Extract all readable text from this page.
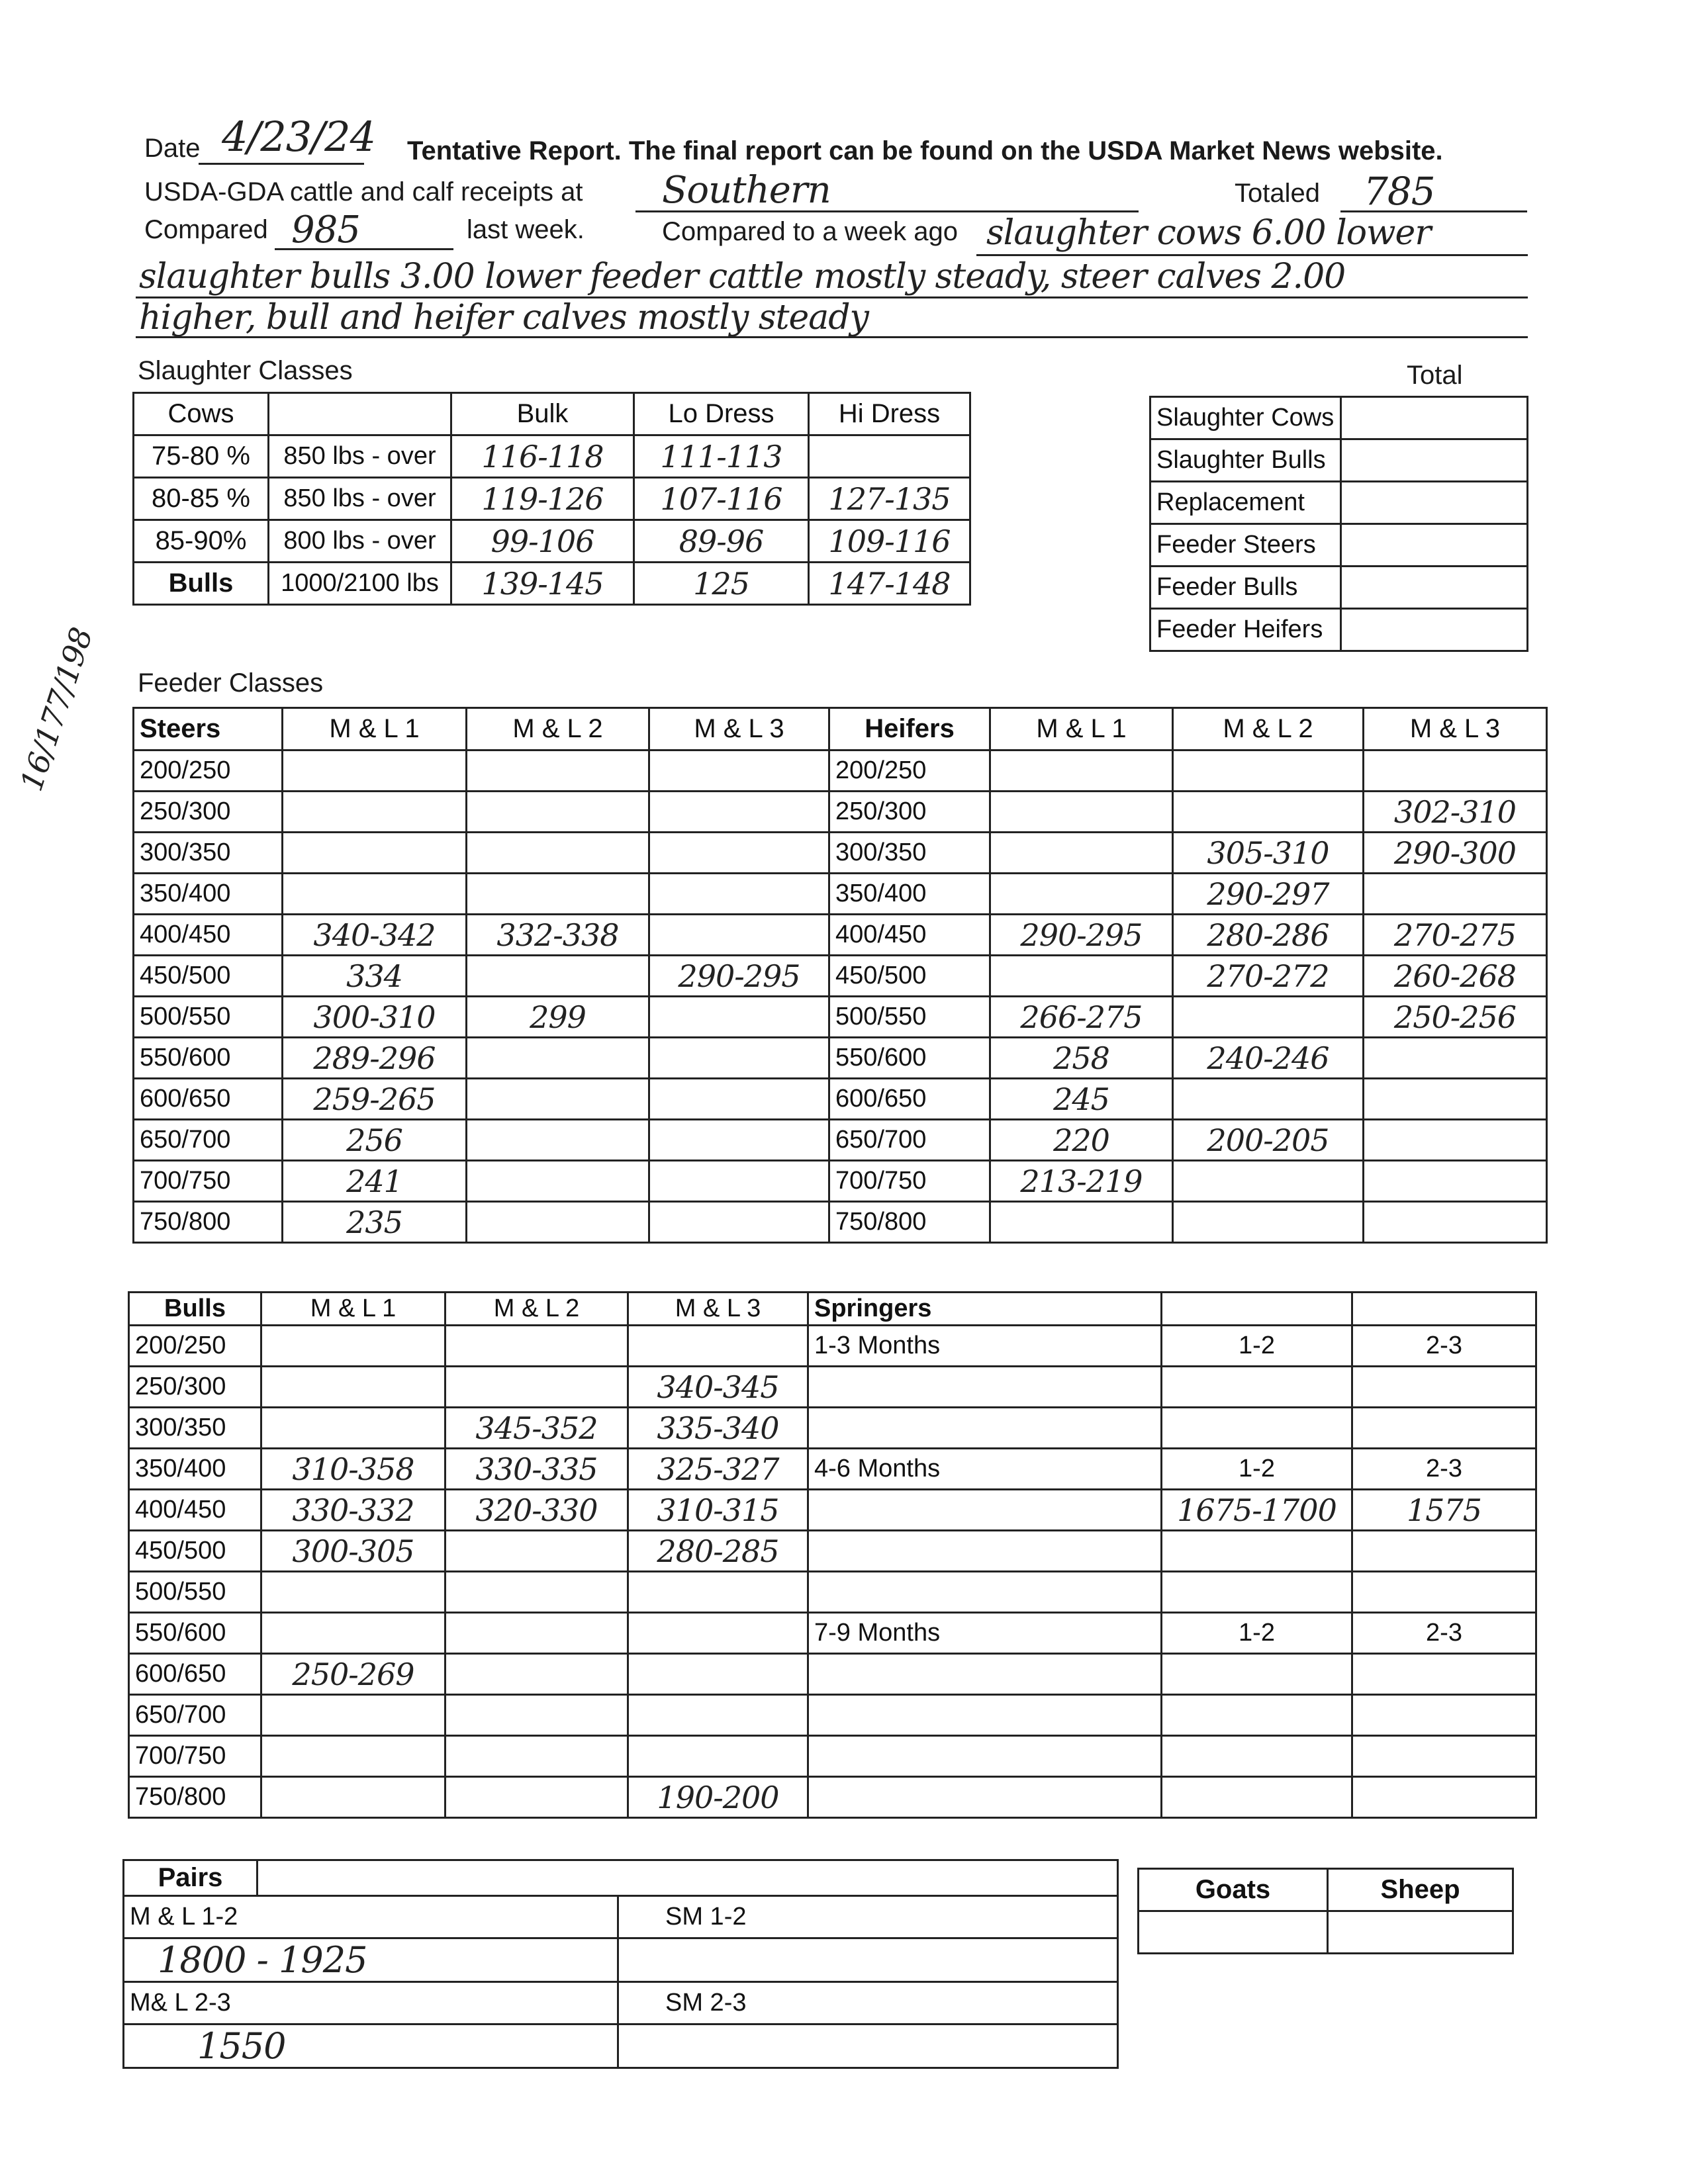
Date 4/23/24 Tentative Report. The final report can be found on the USDA Market News website.
USDA-GDA cattle and calf receipts at Southern	Totaled 785
Compared 985	last week.	Compared to a week ago slaughter cows 6.00 lower
slaughter bulls 3.00 lower feeder cattle mostly steady, steer calves 2.00
higher, bull and heifer calves mostly steady
Slaughter Classes
Cows		Bulk	Lo Dress	Hi Dress
75-80 %	850 lbs - over	116-118	111-113	
80-85 %	850 lbs - over	119-126	107-116	127-135
85-90%	800 lbs - over	99-106	89-96	109-116
Bulls	1000/2100 lbs	139-145	125	147-148
Total
Slaughter Cows	
Slaughter Bulls	
Replacement	
Feeder Steers	
Feeder Bulls	
Feeder Heifers	
Feeder Classes
16/177/198 Steers	M & L 1	M & L 2	M & L 3	Heifers	M & L 1	M & L 2	M & L 3
200/250				200/250			
250/300				250/300			302-310
300/350				300/350		305-310	290-300
350/400				350/400		290-297	
400/450	340-342	332-338		400/450	290-295	280-286	270-275
450/500	334		290-295	450/500		270-272	260-268
500/550	300-310	299		500/550	266-275		250-256
550/600	289-296			550/600	258	240-246	
600/650	259-265			600/650	245		
650/700	256			650/700	220	200-205	
700/750	241			700/750	213-219		
750/800	235			750/800			
Bulls	M & L 1	M & L 2	M & L 3	Springers		
200/250				1-3 Months	1-2	2-3
250/300			340-345			
300/350		345-352	335-340			
350/400	310-358	330-335	325-327	4-6 Months	1-2	2-3
400/450	330-332	320-330	310-315		1675-1700	1575
450/500	300-305		280-285			
500/550						
550/600				7-9 Months	1-2	2-3
600/650	250-269					
650/700						
700/750						
750/800			190-200			
Pairs		
M & L 1-2		SM 1-2
1800 - 1925		
M& L 2-3		SM 2-3
1550		
Goats	Sheep
